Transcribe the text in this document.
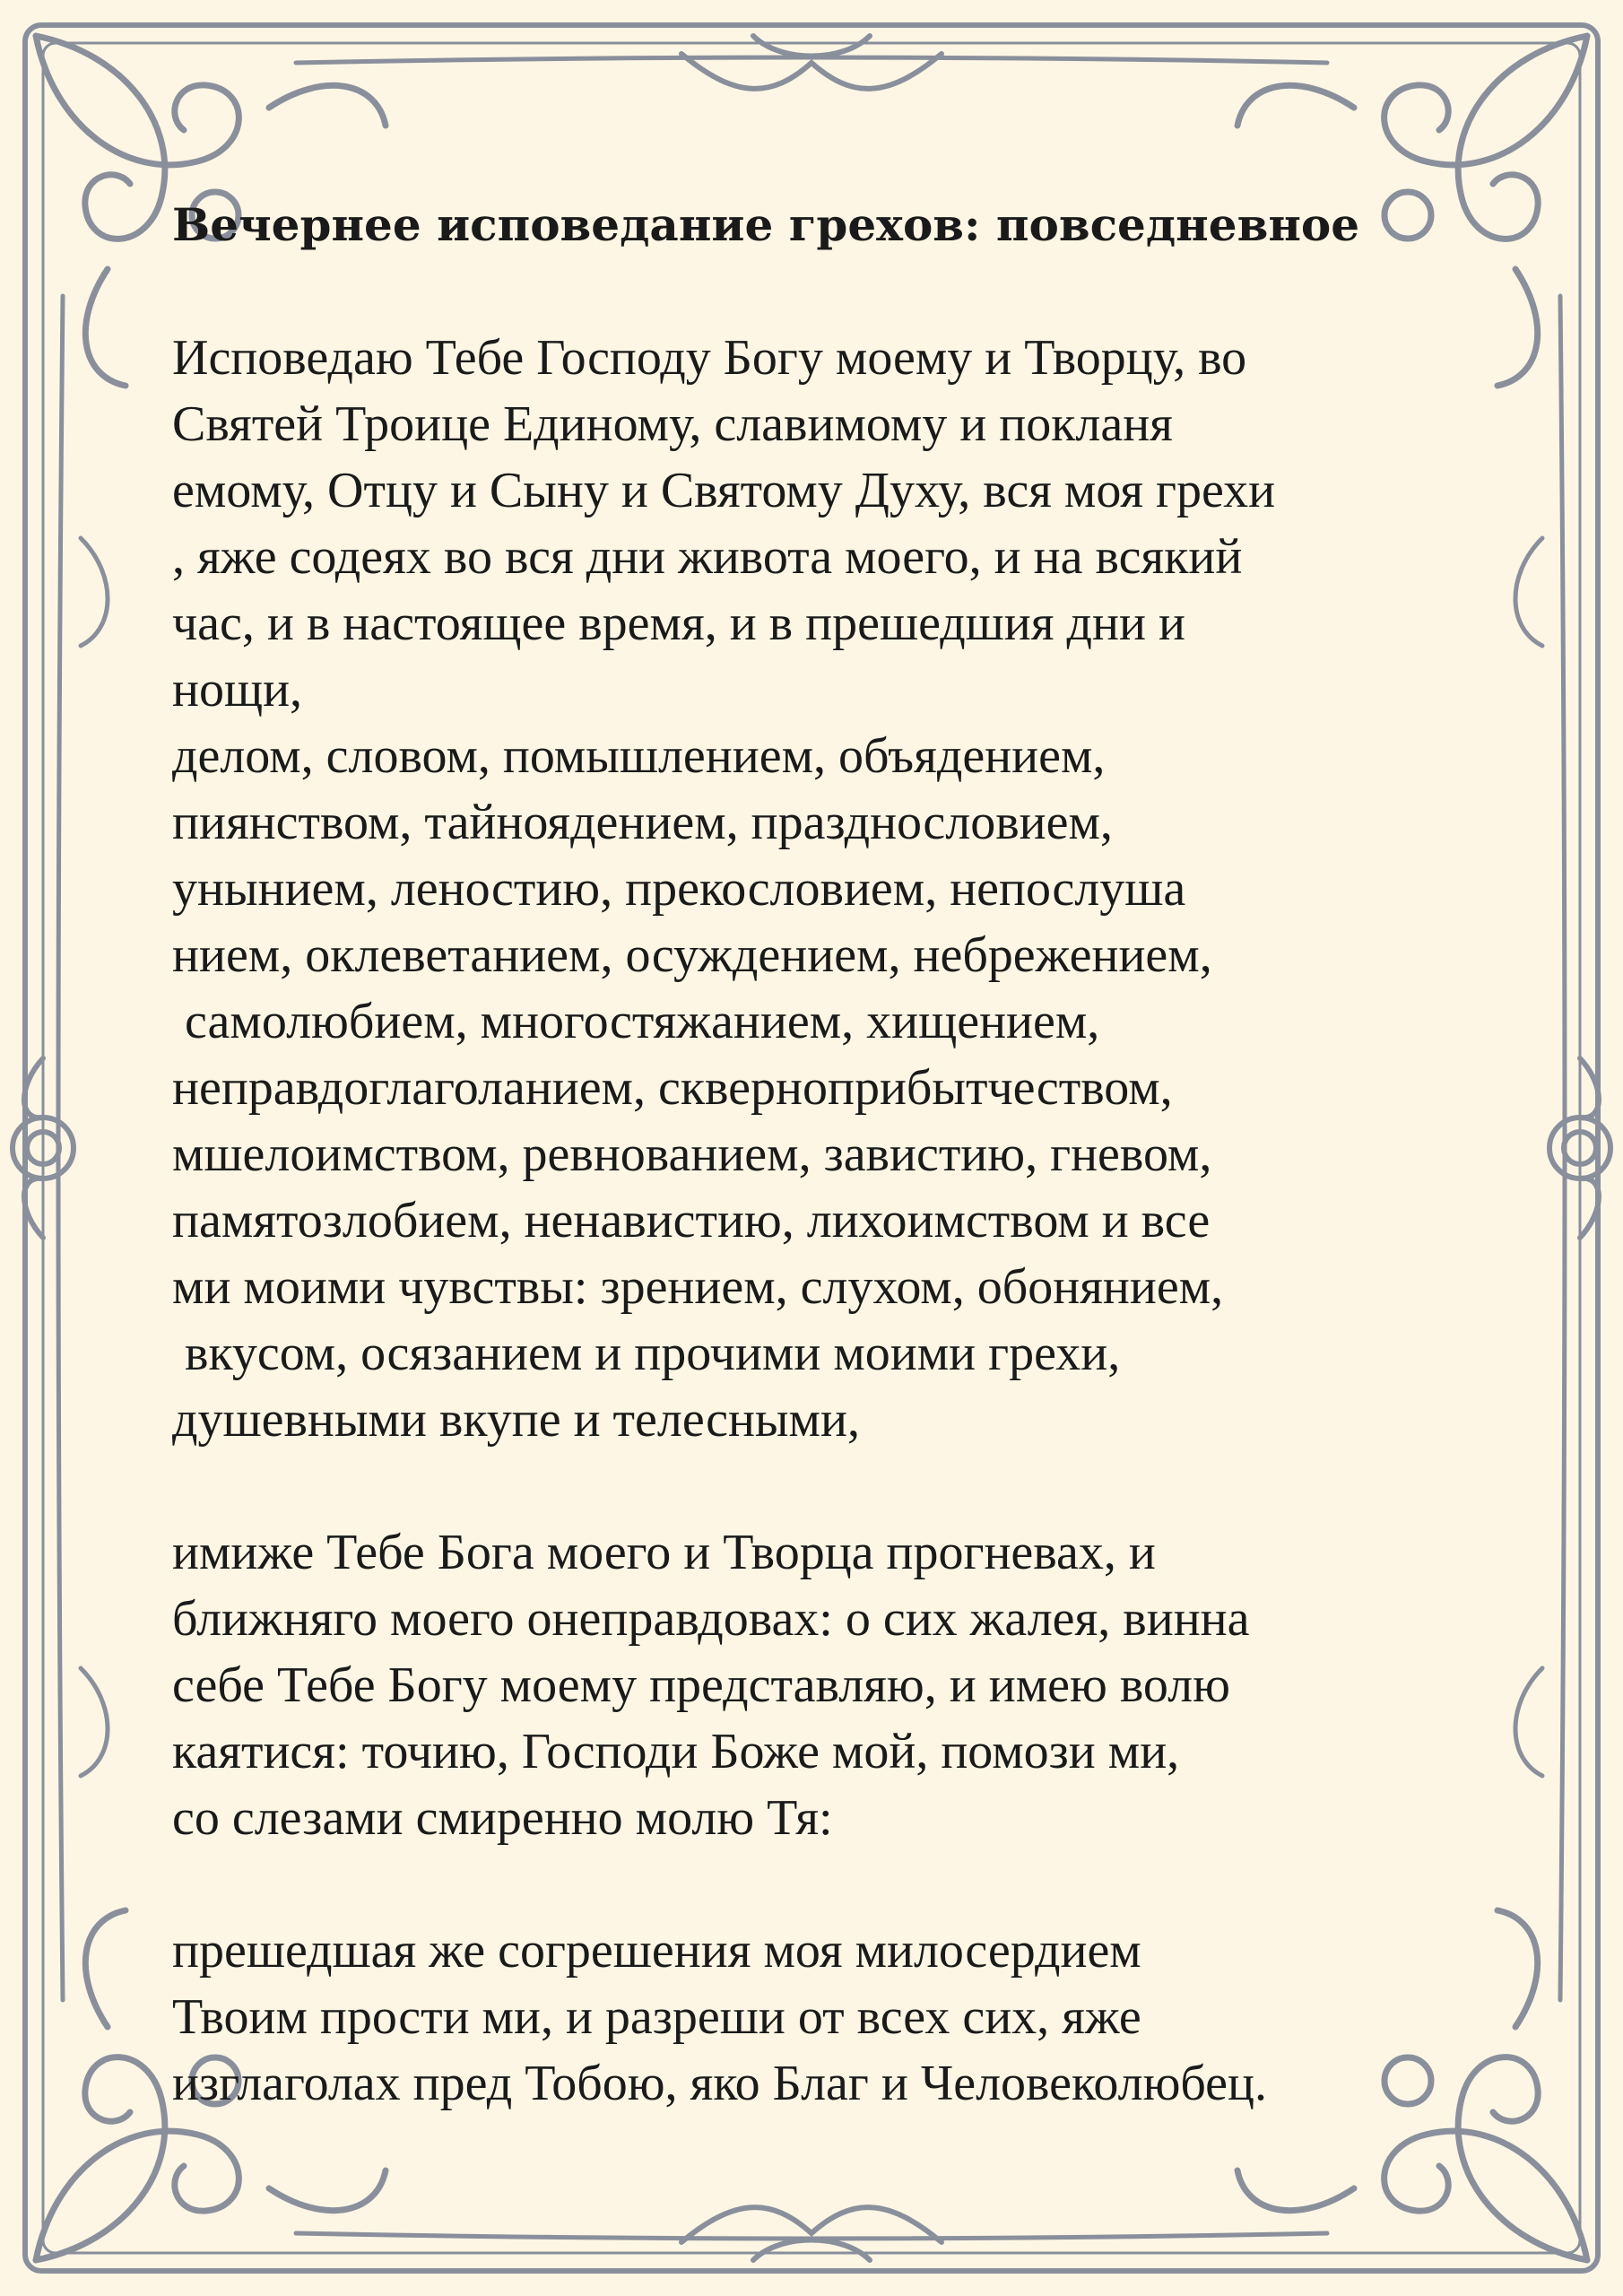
Вечернее исповедание грехов: повседневное
Исповедаю Тебе Господу Богу моему и Творцу, во
Святей Троице Единому, славимому и покланя
емому, Отцу и Сыну и Святому Духу, вся моя грехи
, яже содеях во вся дни живота моего, и на всякий
час, и в настоящее время, и в прешедшия дни и
нощи,
делом, словом, помышлением, объядением,
пиянством, тайноядением, празднословием,
унынием, леностию, прекословием, непослуша
нием, оклеветанием, осуждением, небрежением,
самолюбием, многостяжанием, хищением,
неправдоглаголанием, скверноприбытчеством,
мшелоимством, ревнованием, завистию, гневом,
памятозлобием, ненавистию, лихоимством и все
ми моими чувствы: зрением, слухом, обонянием,
вкусом, осязанием и прочими моими грехи,
душевными вкупе и телесными,
имиже Тебе Бога моего и Творца прогневах, и
ближняго моего онеправдовах: о сих жалея, винна
себе Тебе Богу моему представляю, и имею волю
каятися: точию, Господи Боже мой, помози ми,
со слезами смиренно молю Тя:
прешедшая же согрешения моя милосердием
Твоим прости ми, и разреши от всех сих, яже
изглаголах пред Тобою, яко Благ и Человеколюбец.
